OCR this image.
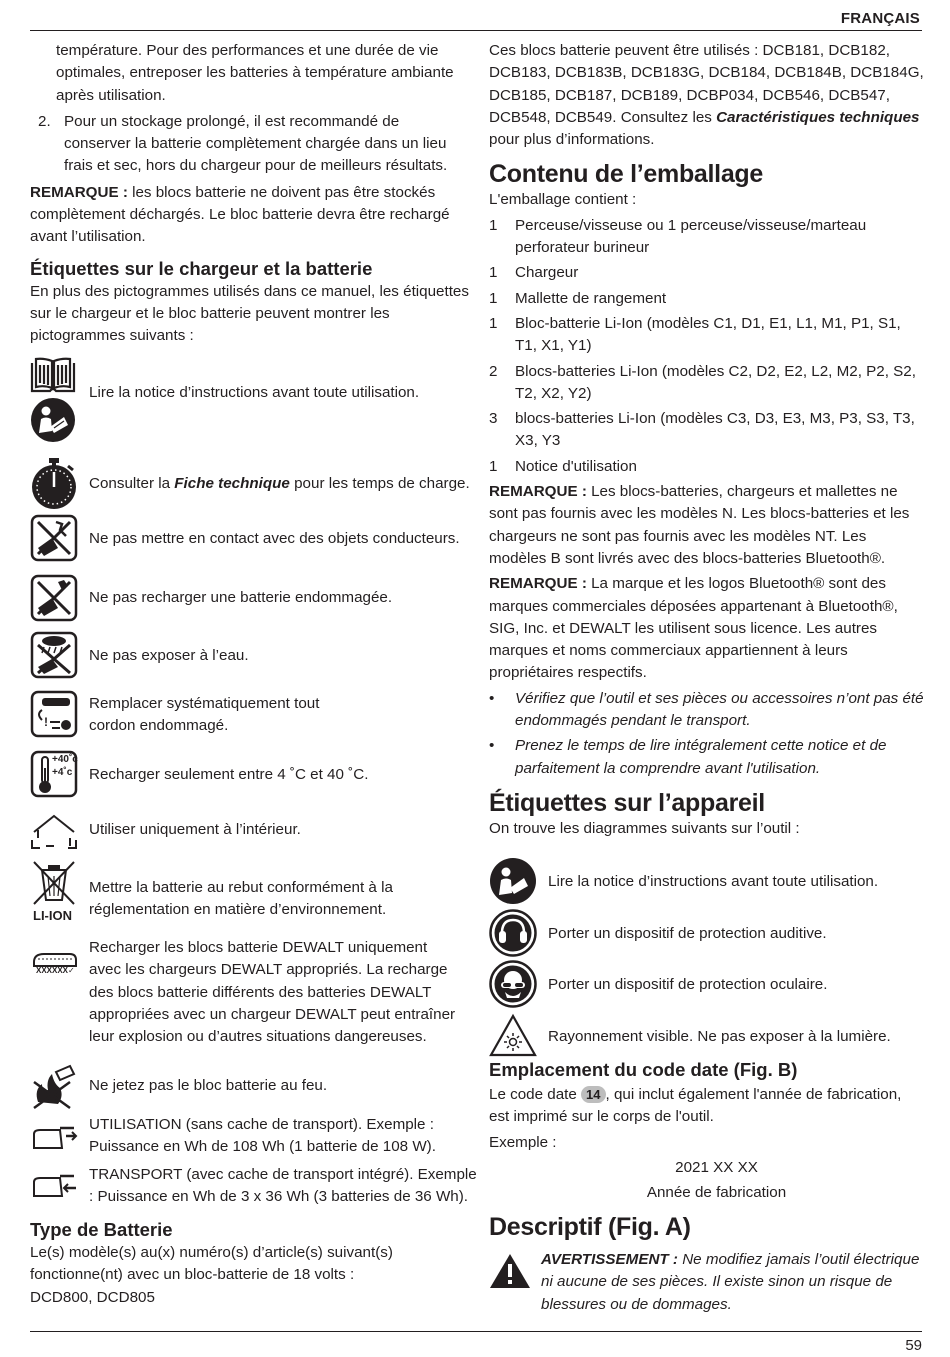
FRANÇAIS

température. Pour des performances et une durée de vie optimales, entreposer les batteries à température ambiante après utilisation.

2. Pour un stockage prolongé, il est recommandé de conserver la batterie complètement chargée dans un lieu frais et sec, hors du chargeur pour de meilleurs résultats.

REMARQUE : les blocs batterie ne doivent pas être stockés complètement déchargés. Le bloc batterie devra être rechargé avant l’utilisation.

Étiquettes sur le chargeur et la batterie

En plus des pictogrammes utilisés dans ce manuel, les étiquettes sur le chargeur et le bloc batterie peuvent montrer les pictogrammes suivants :

Lire la notice d’instructions avant toute utilisation.
Consulter la Fiche technique pour les temps de charge.
Ne pas mettre en contact avec des objets conducteurs.
Ne pas recharger une batterie endommagée.
Ne pas exposer à l’eau.
!
Remplacer systématiquement tout
cordon endommagé.
+40˚c
+4˚c	Recharger seulement entre 4 ˚C et 40 ˚C.
Utiliser uniquement à l’intérieur.
LI-ION
Mettre la batterie au rebut conformément à la
réglementation en matière d’environnement.
XXXXXX✓
Recharger les blocs batterie DEWALT uniquement avec les chargeurs DEWALT appropriés. La recharge des blocs batterie différents des batteries DEWALT appropriées avec un chargeur DEWALT peut entraîner leur explosion ou d’autres situations dangereuses.
Ne jetez pas le bloc batterie au feu.
UTILISATION (sans cache de transport). Exemple :
Puissance en Wh de 108 Wh (1 batterie de 108 W).
TRANSPORT (avec cache de transport intégré). Exemple
: Puissance en Wh de 3 x 36 Wh (3 batteries de 36 Wh).
Type de Batterie

Le(s) modèle(s) au(x) numéro(s) d’article(s) suivant(s) fonctionne(nt) avec un bloc-batterie de 18 volts : DCD800, DCD805

Ces blocs batterie peuvent être utilisés : DCB181, DCB182, DCB183, DCB183B, DCB183G, DCB184, DCB184B, DCB184G, DCB185, DCB187, DCB189, DCBP034, DCB546, DCB547, DCB548, DCB549. Consultez les Caractéristiques techniques pour plus d’informations.

Contenu de l’emballage

L'emballage contient :

1	Perceuse/visseuse ou 1 perceuse/visseuse/marteau perforateur burineur
1	Chargeur
1	Mallette de rangement
1	Bloc-batterie Li-Ion (modèles C1, D1, E1, L1, M1, P1, S1, T1, X1, Y1)
2	Blocs-batteries Li-Ion (modèles C2, D2, E2, L2, M2, P2, S2, T2, X2, Y2)
3	blocs-batteries Li-Ion (modèles C3, D3, E3, M3, P3, S3, T3, X3, Y3
1	Notice d'utilisation

REMARQUE : Les blocs-batteries, chargeurs et mallettes ne sont pas fournis avec les modèles N. Les blocs-batteries et les chargeurs ne sont pas fournis avec les modèles NT. Les modèles B sont livrés avec des blocs-batteries Bluetooth®.

REMARQUE : La marque et les logos Bluetooth® sont des marques commerciales déposées appartenant à Bluetooth®, SIG, Inc. et DEWALT les utilisent sous licence. Les autres marques et noms commerciaux appartiennent à leurs propriétaires respectifs.

•	Vérifiez que l’outil et ses pièces ou accessoires n’ont pas été endommagés pendant le transport.
•	Prenez le temps de lire intégralement cette notice et de parfaitement la comprendre avant l'utilisation.
Étiquettes sur l’appareil

On trouve les diagrammes suivants sur l’outil :

Lire la notice d’instructions avant toute utilisation.
Porter un dispositif de protection auditive.
Porter un dispositif de protection oculaire.
Rayonnement visible. Ne pas exposer à la lumière.
Emplacement du code date (Fig. B)

Le code date 14 , qui inclut également l'année de fabrication, est imprimé sur le corps de l'outil.

Exemple :

2021 XX XX

Année de fabrication

Descriptif (Fig. A)
AVERTISSEMENT : Ne modifiez jamais l’outil électrique ni aucune de ses pièces. Il existe sinon un risque de blessures ou de dommages.
59
